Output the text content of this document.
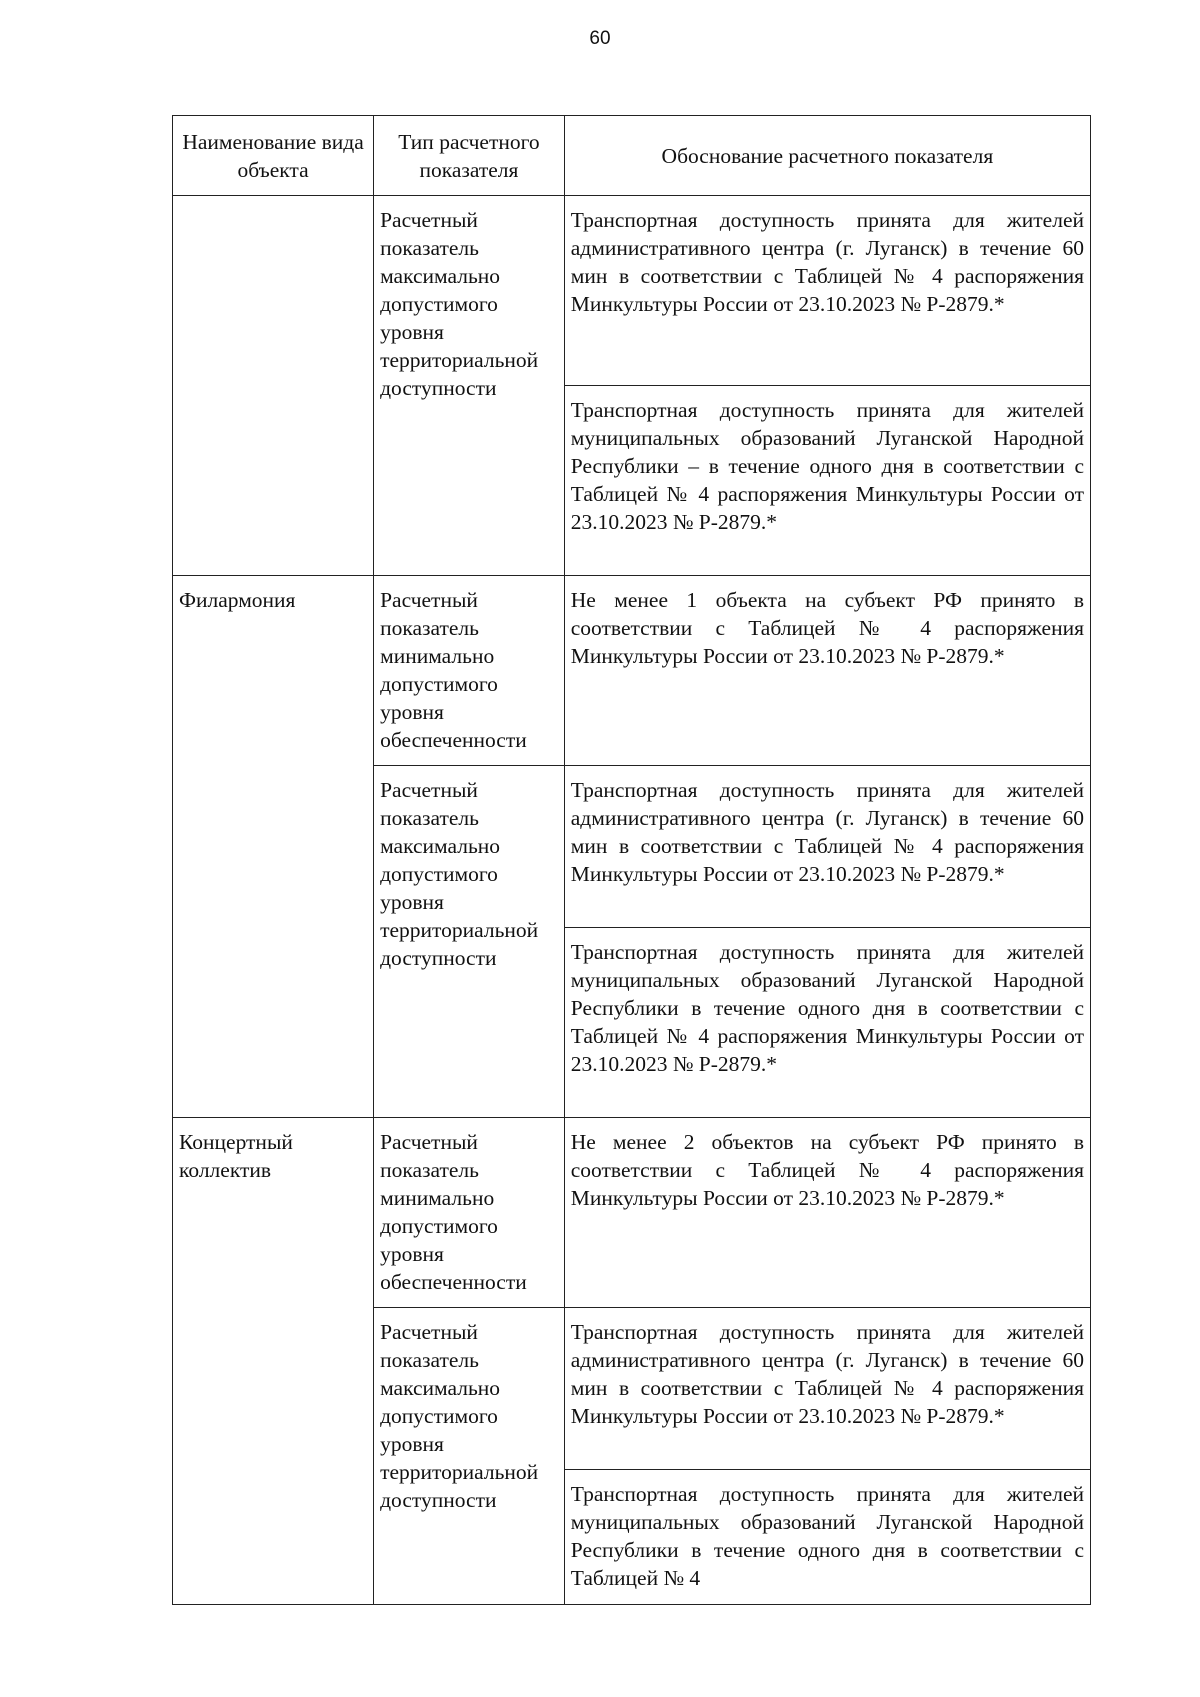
60
Наименование вида объекта	Тип расчетного показателя	Обоснование расчетного показателя
	Расчетный показатель максимально допустимого уровня территориальной доступности	Транспортная доступность принята для жителей административного центра (г. Луганск) в течение 60 мин в соответствии с Таблицей № 4 распоряжения Минкультуры России от 23.10.2023 № Р-2879.*
		Транспортная доступность принята для жителей муниципальных образований Луганской Народной Республики – в течение одного дня в соответствии с Таблицей № 4 распоряжения Минкультуры России от 23.10.2023 № Р-2879.*
Филармония	Расчетный показатель минимально допустимого уровня обеспеченности	Не менее 1 объекта на субъект РФ принято в соответствии с Таблицей № 4 распоряжения Минкультуры России от 23.10.2023 № Р-2879.*
	Расчетный показатель максимально допустимого уровня территориальной доступности	Транспортная доступность принята для жителей административного центра (г. Луганск) в течение 60 мин в соответствии с Таблицей № 4 распоряжения Минкультуры России от 23.10.2023 № Р-2879.*
		Транспортная доступность принята для жителей муниципальных образований Луганской Народной Республики в течение одного дня в соответствии с Таблицей № 4 распоряжения Минкультуры России от 23.10.2023 № Р-2879.*
Концертный коллектив	Расчетный показатель минимально допустимого уровня обеспеченности	Не менее 2 объектов на субъект РФ принято в соответствии с Таблицей № 4 распоряжения Минкультуры России от 23.10.2023 № Р-2879.*
	Расчетный показатель максимально допустимого уровня территориальной доступности	Транспортная доступность принята для жителей административного центра (г. Луганск) в течение 60 мин в соответствии с Таблицей № 4 распоряжения Минкультуры России от 23.10.2023 № Р-2879.*
		Транспортная доступность принята для жителей муниципальных образований Луганской Народной Республики в течение одного дня в соответствии с Таблицей № 4
